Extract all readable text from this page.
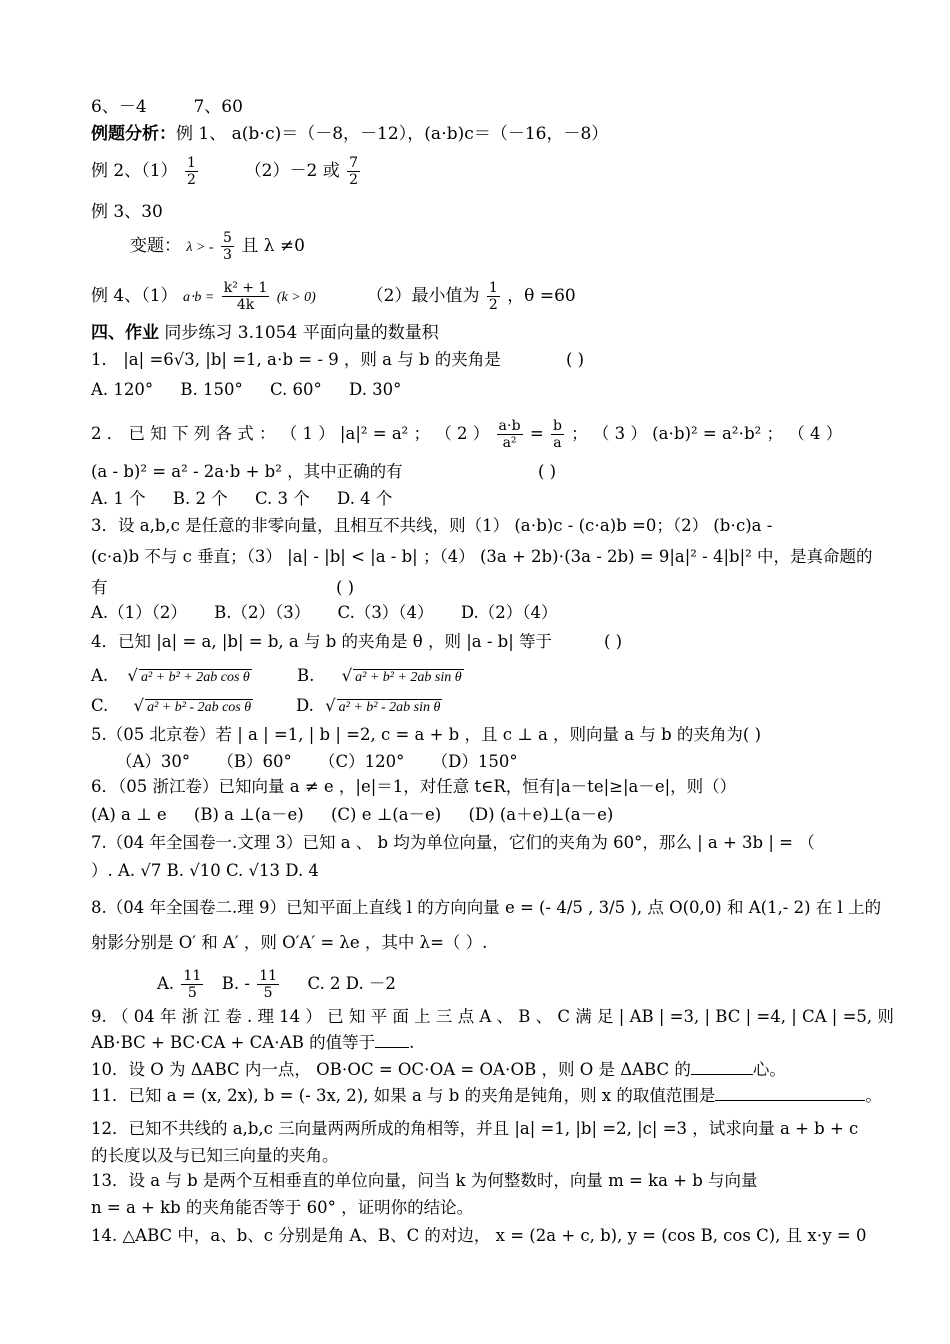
6、－4	7、60
例题分析：例 1、 a(b⋅c)＝（－8，－12），(a⋅b)c＝（－16，－8）
例 2、$(1) \frac{1}{2}$	（2）－2 或 $\frac{7}{2}$
例 3、30
变题： λ > - $\frac{5}{3}$ 且 λ ≠0
例 4、（1） $a\cdot b = \frac{\text{k² + 1}}{4k} (k > 0)$	（2）最小值为 $\frac{1}{2}$ ，θ =60
四、作业 同步练习 3.1054 平面向量的数量积
1． |a| =6√3, |b| =1, a⋅b = - 9 ，则 a 与 b 的夹角是	( )
A. 120° B. 150° C. 60° D. 30°
2 ． 已 知 下 列 各 式 ： （ 1 ） |a|² = a² ； （ 2 ） $\frac{a\cdot b}{\text{a²}} = \frac{b}{a}$ ； （ 3 ） (a⋅b)² = a²⋅b² ； （ 4 ）
(a - b)² = a² - 2a⋅b + b² ，其中正确的有	( )
A. 1 个 B. 2 个 C. 3 个 D. 4 个
3．设 a,b,c 是任意的非零向量，且相互不共线，则（1） (a⋅b)c - (c⋅a)b =0；（2） (b⋅c)a -
(c⋅a)b 不与 c 垂直；（3） |a| - |b| < |a - b| ；（4） (3a + 2b)⋅(3a - 2b) = 9|a|² - 4|b|² 中，是真命题的
有	( )
A.（1）（2） B.（2）（3） C.（3）（4） D.（2）（4）
4．已知 |a| = a, |b| = b, a 与 b 的夹角是 θ ，则 |a - b| 等于	( )
A. √ a² + b² + 2ab cos θ	B. √ a² + b² + 2ab sin θ
C. √ a² + b² - 2ab cos θ	D. √ a² + b² - 2ab sin θ
5.（05 北京卷）若 | a | =1, | b | =2, c = a + b ，且 c ⊥ a ，则向量 a 与 b 的夹角为( )
（A）30° （B）60° （C）120° （D）150°
6．（05 浙江卷）已知向量 a ≠ e ，|e|＝1，对任意 t∈R，恒有|a－te|≥|a－e|，则（）
(A) a ⊥ e (B) a ⊥(a－e) (C) e ⊥(a－e) (D) (a＋e)⊥(a－e)
7.（04 年全国卷一.文理 3）已知 a 、 b 均为单位向量，它们的夹角为 60°，那么 | a + 3b | = （
）. A. √7 B. √10 C. √13 D. 4
8.（04 年全国卷二.理 9）已知平面上直线 l 的方向向量 e = (- 4/5 , 3/5 ), 点 O(0,0) 和 A(1,- 2) 在 l 上的
射影分别是 O′ 和 A′ ，则 O′A′ = λe ，其中 λ=（ ）.
A. $\frac{11}{5} B$. - $\frac{11}{5} C$. 2 D. －2
9. （ 04 年 浙 江 卷 . 理 14 ） 已 知 平 面 上 三 点 A 、 B 、 C 满 足 | AB | =3, | BC | =4, | CA | =5, 则
AB⋅BC + BC⋅CA + CA⋅AB 的值等于 .
10．设 O 为 ΔABC 内一点， OB⋅OC = OC⋅OA = OA⋅OB ，则 O 是 ΔABC 的	心。
11．已知 a = (x, 2x), b = (- 3x, 2), 如果 a 与 b 的夹角是钝角，则 x 的取值范围是	。
12．已知不共线的 a,b,c 三向量两两所成的角相等，并且 |a| =1, |b| =2, |c| =3 ，试求向量 a + b + c
的长度以及与已知三向量的夹角。
13．设 a 与 b 是两个互相垂直的单位向量，问当 k 为何整数时，向量 m = ka + b 与向量
n = a + kb 的夹角能否等于 60° ，证明你的结论。
14. △ABC 中，a、b、c 分别是角 A、B、C 的对边， x = (2a + c, b), y = (cos B, cos C), 且 x⋅y = 0
